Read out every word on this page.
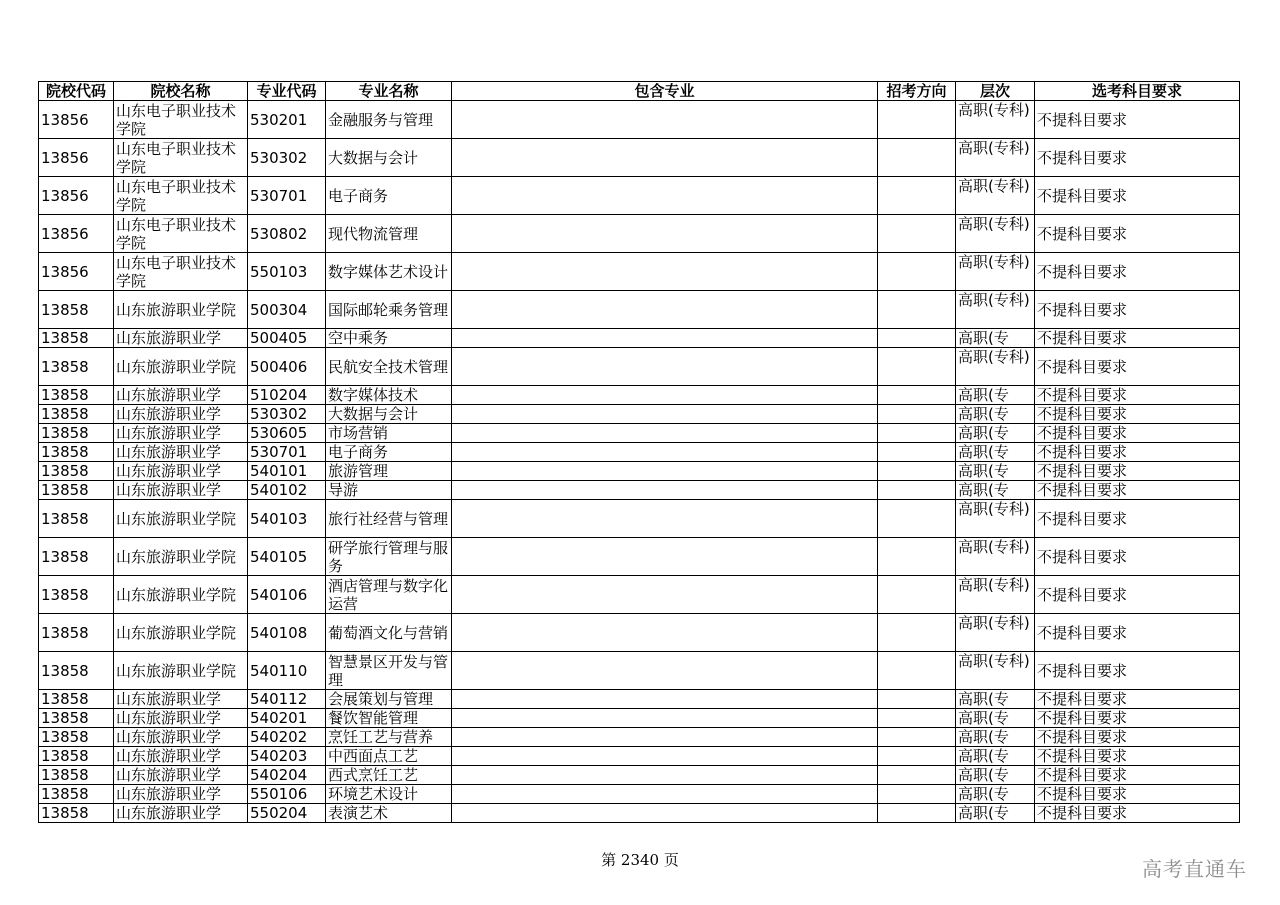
院校代码	院校名称	专业代码	专业名称	包含专业	招考方向	层次	选考科目要求
13856	山东电子职业技术学院	530201	金融服务与管理			高职(专科)	不提科目要求
13856	山东电子职业技术学院	530302	大数据与会计			高职(专科)	不提科目要求
13856	山东电子职业技术学院	530701	电子商务			高职(专科)	不提科目要求
13856	山东电子职业技术学院	530802	现代物流管理			高职(专科)	不提科目要求
13856	山东电子职业技术学院	550103	数字媒体艺术设计			高职(专科)	不提科目要求
13858	山东旅游职业学院	500304	国际邮轮乘务管理			高职(专科)	不提科目要求
13858	山东旅游职业学	500405	空中乘务			高职(专	不提科目要求
13858	山东旅游职业学院	500406	民航安全技术管理			高职(专科)	不提科目要求
13858	山东旅游职业学	510204	数字媒体技术			高职(专	不提科目要求
13858	山东旅游职业学	530302	大数据与会计			高职(专	不提科目要求
13858	山东旅游职业学	530605	市场营销			高职(专	不提科目要求
13858	山东旅游职业学	530701	电子商务			高职(专	不提科目要求
13858	山东旅游职业学	540101	旅游管理			高职(专	不提科目要求
13858	山东旅游职业学	540102	导游			高职(专	不提科目要求
13858	山东旅游职业学院	540103	旅行社经营与管理			高职(专科)	不提科目要求
13858	山东旅游职业学院	540105	研学旅行管理与服务			高职(专科)	不提科目要求
13858	山东旅游职业学院	540106	酒店管理与数字化运营			高职(专科)	不提科目要求
13858	山东旅游职业学院	540108	葡萄酒文化与营销			高职(专科)	不提科目要求
13858	山东旅游职业学院	540110	智慧景区开发与管理			高职(专科)	不提科目要求
13858	山东旅游职业学	540112	会展策划与管理			高职(专	不提科目要求
13858	山东旅游职业学	540201	餐饮智能管理			高职(专	不提科目要求
13858	山东旅游职业学	540202	烹饪工艺与营养			高职(专	不提科目要求
13858	山东旅游职业学	540203	中西面点工艺			高职(专	不提科目要求
13858	山东旅游职业学	540204	西式烹饪工艺			高职(专	不提科目要求
13858	山东旅游职业学	550106	环境艺术设计			高职(专	不提科目要求
13858	山东旅游职业学	550204	表演艺术			高职(专	不提科目要求
第 2340 页	高考直通车
